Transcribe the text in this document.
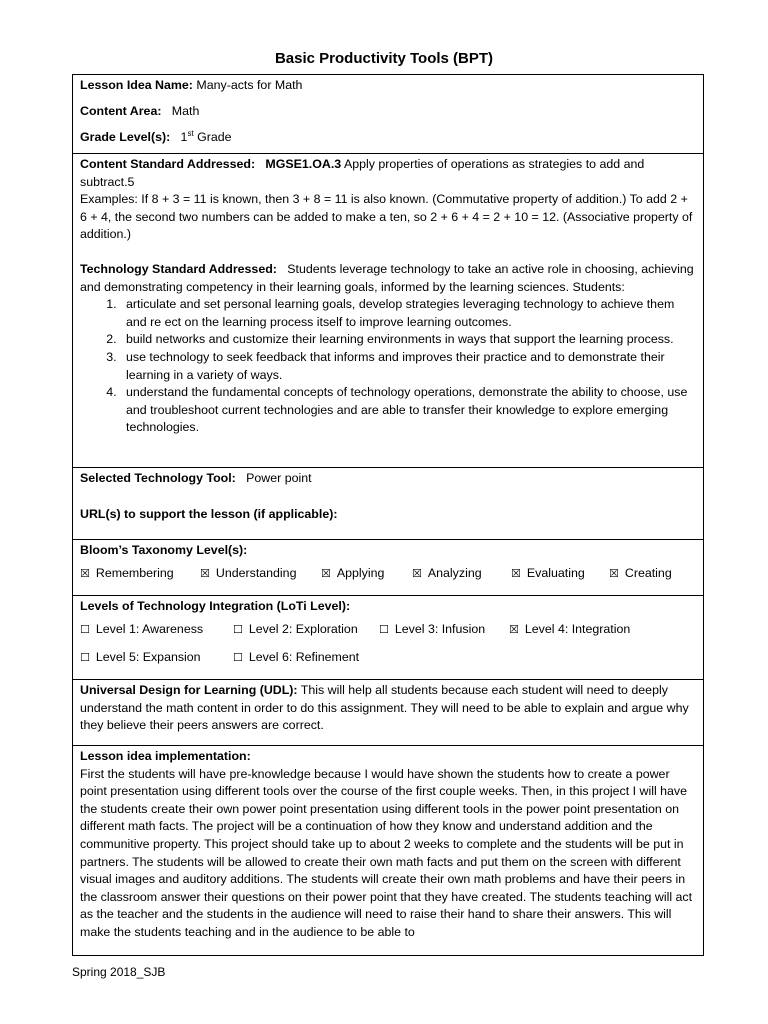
Basic Productivity Tools (BPT)

Lesson Idea Name: Many-acts for Math

Content Area: Math

Grade Level(s): 1st Grade

Content Standard Addressed: MGSE1.OA.3 Apply properties of operations as strategies to add and subtract.5

Examples: If 8 + 3 = 11 is known, then 3 + 8 = 11 is also known. (Commutative property of addition.) To add 2 + 6 + 4, the second two numbers can be added to make a ten, so 2 + 6 + 4 = 2 + 10 = 12. (Associative property of addition.)

Technology Standard Addressed: Students leverage technology to take an active role in choosing, achieving and demonstrating competency in their learning goals, informed by the learning sciences. Students:

1. articulate and set personal learning goals, develop strategies leveraging technology to achieve them and re ect on the learning process itself to improve learning outcomes.
2. build networks and customize their learning environments in ways that support the learning process.
3. use technology to seek feedback that informs and improves their practice and to demonstrate their learning in a variety of ways.
4. understand the fundamental concepts of technology operations, demonstrate the ability to choose, use and troubleshoot current technologies and are able to transfer their knowledge to explore emerging technologies.

Selected Technology Tool: Power point

URL(s) to support the lesson (if applicable):

Bloom’s Taxonomy Level(s):

☒ Remembering ☒ Understanding ☒ Applying	☒ Analyzing	☒ Evaluating ☒ Creating

Levels of Technology Integration (LoTi Level):

☐ Level 1: Awareness	☐ Level 2: Exploration ☐ Level 3: Infusion ☒ Level 4: Integration
☐ Level 5: Expansion	☐ Level 6: Refinement

Universal Design for Learning (UDL): This will help all students because each student will need to deeply understand the math content in order to do this assignment. They will need to be able to explain and argue why they believe their peers answers are correct.

Lesson idea implementation:

First the students will have pre-knowledge because I would have shown the students how to create a power point presentation using different tools over the course of the first couple weeks. Then, in this project I will have the students create their own power point presentation using different tools in the power point presentation on different math facts. The project will be a continuation of how they know and understand addition and the communitive property. This project should take up to about 2 weeks to complete and the students will be put in partners. The students will be allowed to create their own math facts and put them on the screen with different visual images and auditory additions. The students will create their own math problems and have their peers in the classroom answer their questions on their power point that they have created. The students teaching will act as the teacher and the students in the audience will need to raise their hand to share their answers. This will make the students teaching and in the audience to be able to

Spring 2018_SJB
